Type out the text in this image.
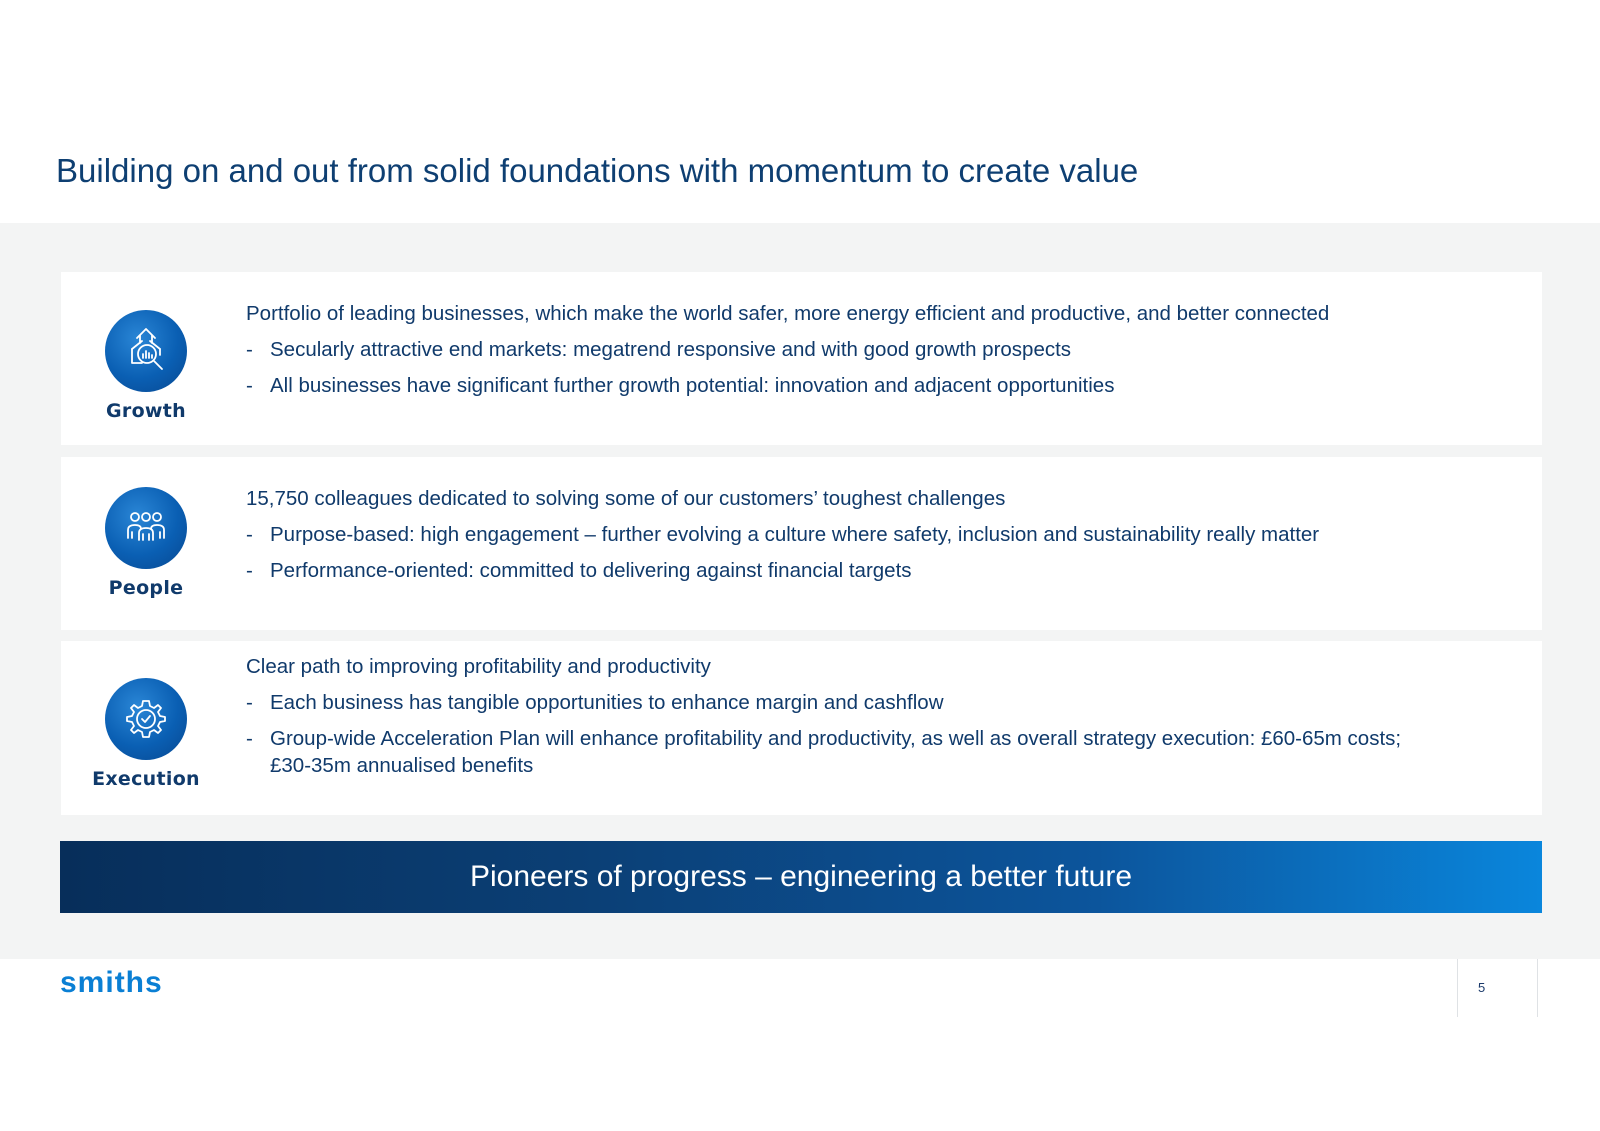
Building on and out from solid foundations with momentum to create value
Growth
Portfolio of leading businesses, which make the world safer, more energy efficient and productive, and better connected
- Secularly attractive end markets: megatrend responsive and with good growth prospects
- All businesses have significant further growth potential: innovation and adjacent opportunities
People
15,750 colleagues dedicated to solving some of our customers’ toughest challenges
- Purpose-based: high engagement – further evolving a culture where safety, inclusion and sustainability really matter
- Performance-oriented: committed to delivering against financial targets
Execution
Clear path to improving profitability and productivity
- Each business has tangible opportunities to enhance margin and cashflow
- Group-wide Acceleration Plan will enhance profitability and productivity, as well as overall strategy execution: £60-65m costs; £30-35m annualised benefits
Pioneers of progress – engineering a better future
smiths	5
